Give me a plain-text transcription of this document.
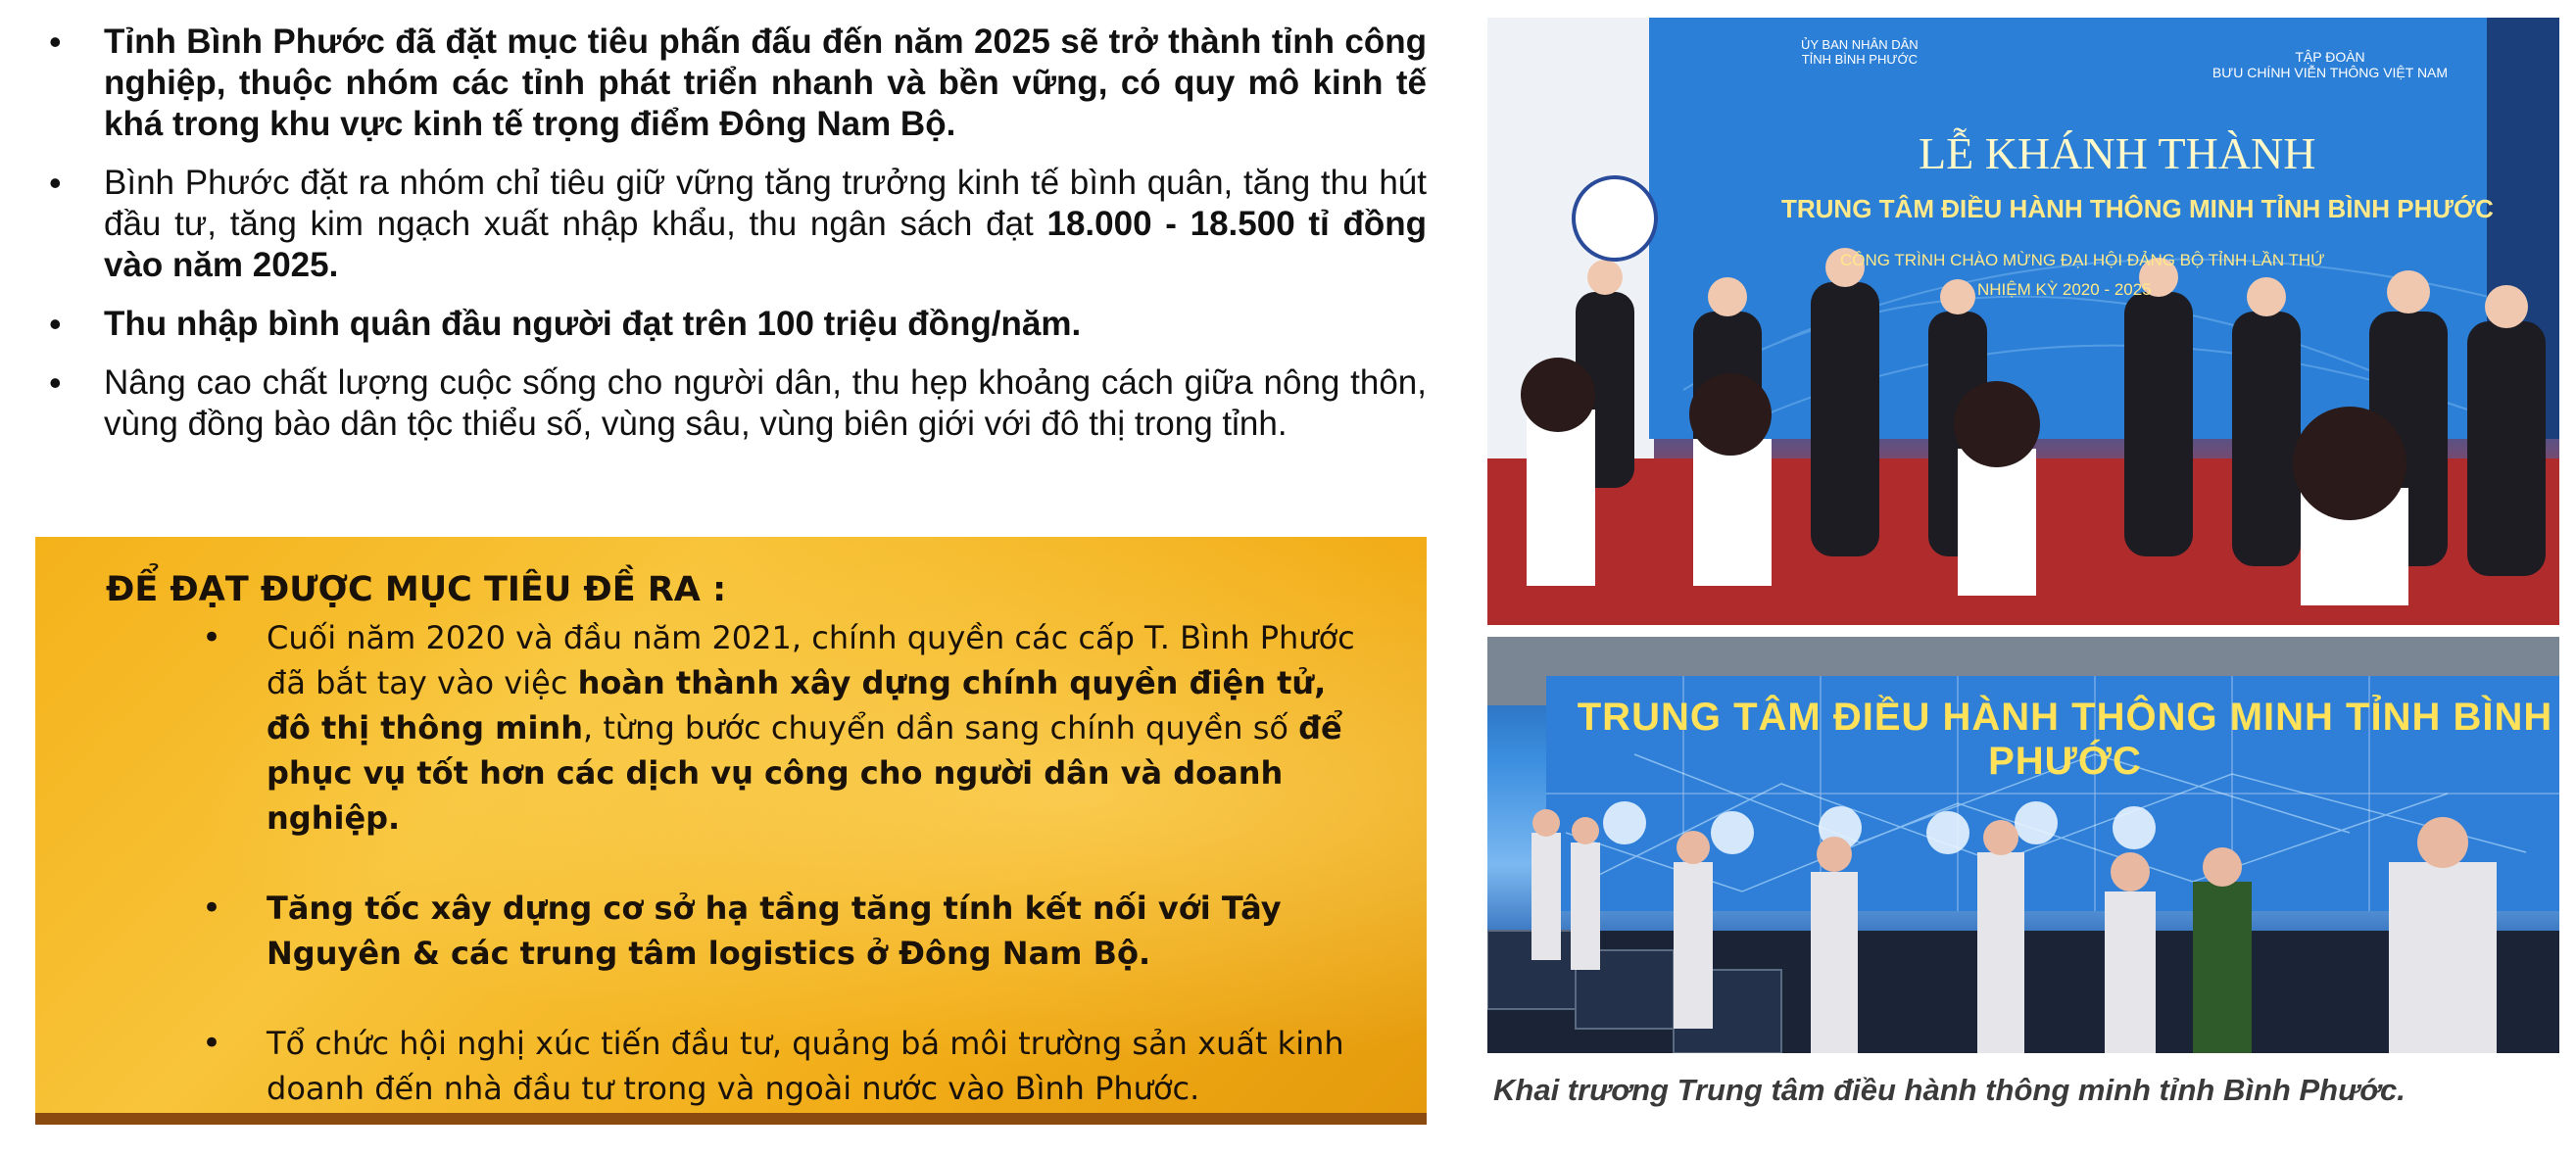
• Tỉnh Bình Phước đã đặt mục tiêu phấn đấu đến năm 2025 sẽ trở thành tỉnh công nghiệp, thuộc nhóm các tỉnh phát triển nhanh và bền vững, có quy mô kinh tế khá trong khu vực kinh tế trọng điểm Đông Nam Bộ.
• Bình Phước đặt ra nhóm chỉ tiêu giữ vững tăng trưởng kinh tế bình quân, tăng thu hút đầu tư, tăng kim ngạch xuất nhập khẩu, thu ngân sách đạt 18.000 - 18.500 tỉ đồng vào năm 2025.
• Thu nhập bình quân đầu người đạt trên 100 triệu đồng/năm.
• Nâng cao chất lượng cuộc sống cho người dân, thu hẹp khoảng cách giữa nông thôn, vùng đồng bào dân tộc thiểu số, vùng sâu, vùng biên giới với đô thị trong tỉnh.
ĐỂ ĐẠT ĐƯỢC MỤC TIÊU ĐỀ RA :
• Cuối năm 2020 và đầu năm 2021, chính quyền các cấp T. Bình Phước đã bắt tay vào việc hoàn thành xây dựng chính quyền điện tử, đô thị thông minh, từng bước chuyển dần sang chính quyền số để phục vụ tốt hơn các dịch vụ công cho người dân và doanh nghiệp.
• Tăng tốc xây dựng cơ sở hạ tầng tăng tính kết nối với Tây Nguyên & các trung tâm logistics ở Đông Nam Bộ.
• Tổ chức hội nghị xúc tiến đầu tư, quảng bá môi trường sản xuất kinh doanh đến nhà đầu tư trong và ngoài nước vào Bình Phước.
ỦY BAN NHÂN DÂN
TỈNH BÌNH PHƯỚC	TẬP ĐOÀN
BƯU CHÍNH VIỄN THÔNG VIỆT NAM
LỄ KHÁNH THÀNH
TRUNG TÂM ĐIỀU HÀNH THÔNG MINH TỈNH BÌNH PHƯỚC
CÔNG TRÌNH CHÀO MỪNG ĐẠI HỘI ĐẢNG BỘ TỈNH LẦN THỨ
NHIỆM KỲ 2020 - 2025
TRUNG TÂM ĐIỀU HÀNH THÔNG MINH TỈNH BÌNH PHƯỚC
Khai trương Trung tâm điều hành thông minh tỉnh Bình Phước.
